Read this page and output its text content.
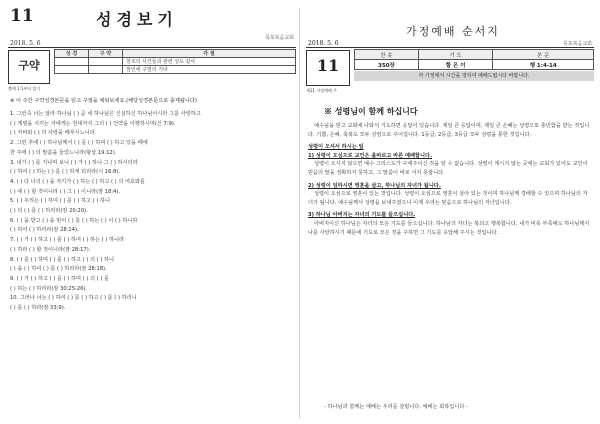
11	성경보기
목포복음교회
2018. 5. 6
구약
출애 1:1부터 읽기
성 경	구 약	각 절
		창조의 사건들과 관련 성도 감사
		잠언에 구절의 기타
※ 이 주간 구약성경본문을 읽고 구절을 채워보세요.(해당성경본문으로 출제됩니다)

1. 그런즉 너는 알라 하나님 ( ) 곧 네 하나님은 신실하신 하나님이시라 그를 사랑하고

( ) 계명을 지키는 자에게는 천대까지 그의 ( ) 언약을 이행하시며(신 7:9).

( ) 자비와 ( ) 의 사랑을 베푸시느니라.

2. 그런 후에 ( ) 하나님께서 ( ) 를 ( ) 하며 ( ) 하고 있을 때에

한 주에 ( ) 의 말씀을 들었느니라(왕상 19:12).

3. 내가 ( ) 를 지나며 보니 ( ) 가 ( ) 하니 그 ( ) 하시더라

( ) 하여 ( ) 하는 ( ) 를 ( ) 하게 되리라(시 16:8).

4. ( ) 다 너의 ( ) 을 자기가 ( ) 하는 ( ) 하고 ( ) 의 여호와를

( ) 에 ( ) 할 것이니라 ( ) 그 ( ) 이니라(잠 18:4).

5. ( ) 우리는 ( ) 하여 ( ) 를 ( ) 하고 ( ) 하니

( ) 의 ( ) 를 ( ) 하리라(잠 20:20).

6. ( ) 을 받고 ( ) 을 믿어 ( ) 를 ( ) 하는 ( ) 이 ( ) 하니라

( ) 하여 ( ) 하리라(잠 28:14).

7. ( ) 가 ( ) 하고 ( ) 를 ( ) 하여 ( ) 하는 ( ) 하니라

( ) 하라 ( ) 할 것이니라(잠 28:17).

8. ( ) 를 ( ) 하며 ( ) 를 ( ) 하고 ( ) 의 ( ) 하니

( ) 을 ( ) 하여 ( ) 를 ( ) 하리라(잠 28:18).

9. ( ) 가 ( ) 하고 ( ) 를 ( ) 하며 ( ) 의 ( ) 를

( ) 하는 ( ) 하리라(잠 30:25-26).

10. 그러나 너는 ( ) 하여 ( ) 를 ( ) 하고 ( ) 를 ( ) 하리니

( ) 를 ( ) 하라(잠 33:9).

가정예배 순서지
2018. 5. 6	목포복음교회
11
제11 가정예배 주
찬 송	기 도	본 문
350장	할 온 이	행 1:4-14
각 가정에서 시간을 정하여 예배드립시다 바랍니다.
※ 성령님이 함께 하십니다

예수님을 믿고 교회에 나와서 기도하면 응답이 있습니다. 제일 큰 응답이며, 제일 큰 은혜는 성령으로 충만함을 받는 것입니다. 기쁨, 은혜, 축복도 모두 성령으로 주어집니다. 1등급, 2등급, 3등급 모두 성령을 통한 것입니다.

성령이 오셔서 하시는 일
1) 성령이 오심으로 교인은 올바르고 바른 예배합니다.

성령이 오시지 않으면 예수 그리스도가 구세주이신 것을 알 수 없습니다. 성령이 계시지 않는 곳에는 교회가 있어도 교인이 믿음의 말을 정확하지 못하고, 그 말씀이 바로 서지 못합니다.

2) 성령이 임하시면 영혼을 살고, 하나님의 자녀가 됩니다.

성령이 오심으로 영혼이 있는 것입니다. 성령이 오심으로 영혼이 살아 있는 것이며 하나님께 경배할 수 있으며 하나님의 자녀가 됩니다. 예수님께서 성령을 보내주셨으니 이제 우리는 믿음으로 하나님의 자녀입니다.

3) 하나님 아버지는 자녀의 기도를 들으십니다.

아버지이신 하나님은 자녀의 모든 기도를 들으십니다. 하나님의 자녀는 복되고 행복합니다. 내가 비록 부족해도 하나님께서 나를 사랑하시기 때문에 기도로 모든 것을 구하면 그 기도를 응답해 주시는 것입니다.

- 하나님과 함께는 예배는 우리를 살립니다. 예배는 회복입니다 -
